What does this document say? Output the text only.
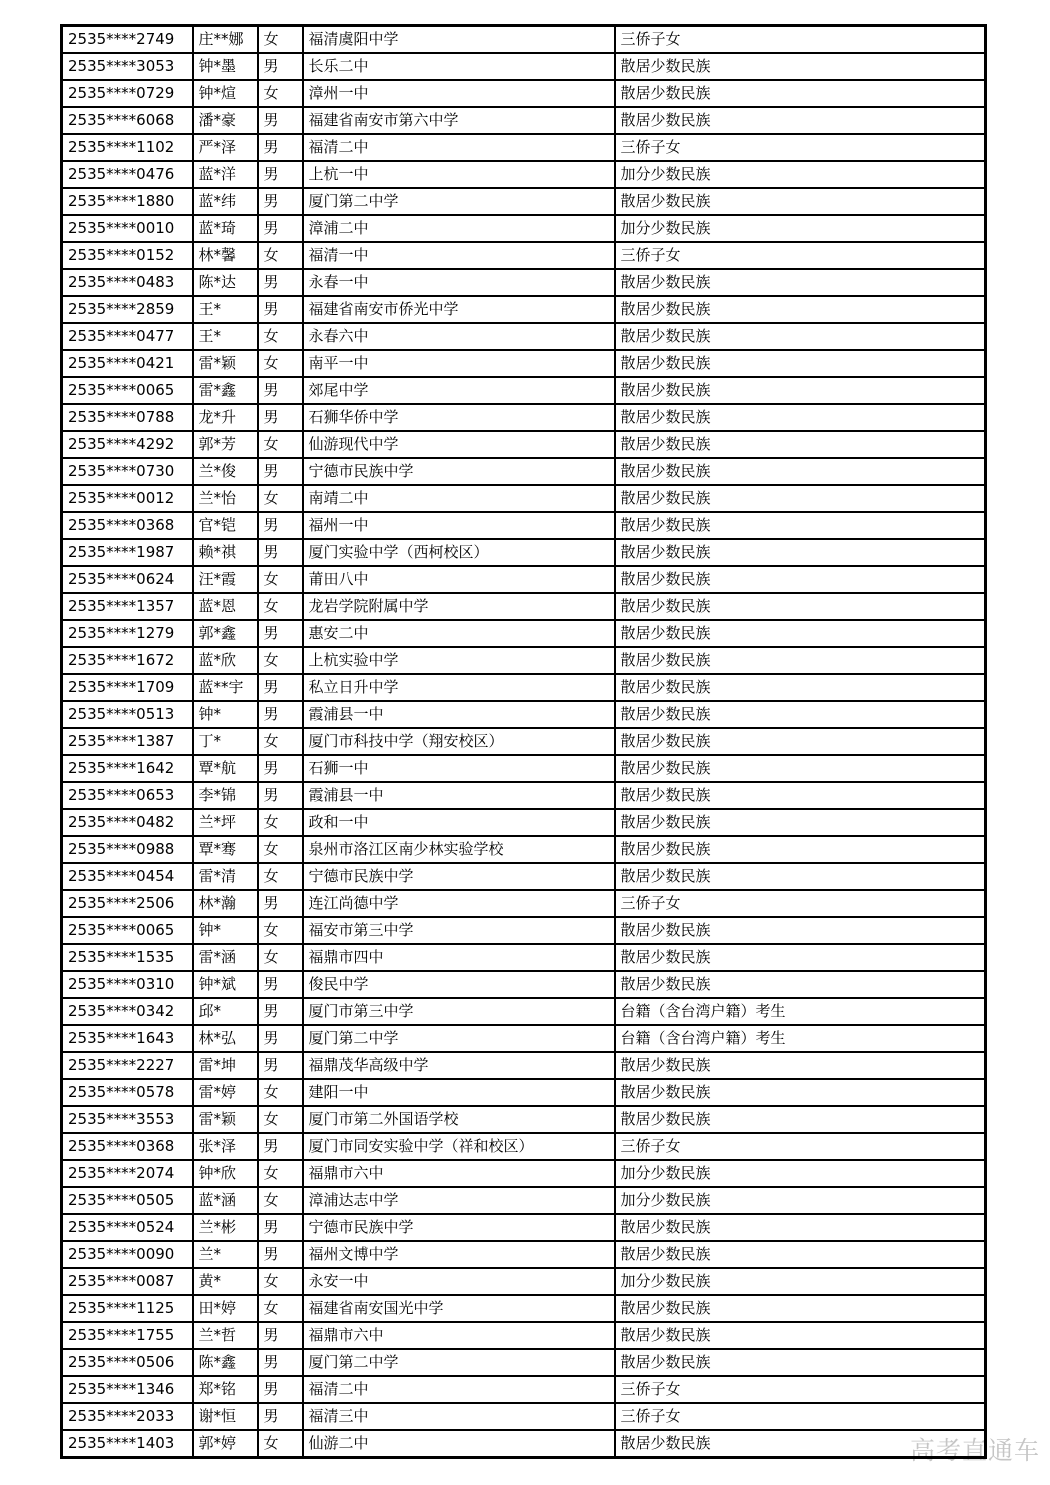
2535****2749	庄**娜	女	福清虞阳中学	三侨子女
2535****3053	钟*墨	男	长乐二中	散居少数民族
2535****0729	钟*煊	女	漳州一中	散居少数民族
2535****6068	潘*豪	男	福建省南安市第六中学	散居少数民族
2535****1102	严*泽	男	福清二中	三侨子女
2535****0476	蓝*洋	男	上杭一中	加分少数民族
2535****1880	蓝*纬	男	厦门第二中学	散居少数民族
2535****0010	蓝*琦	男	漳浦二中	加分少数民族
2535****0152	林*馨	女	福清一中	三侨子女
2535****0483	陈*达	男	永春一中	散居少数民族
2535****2859	王*	男	福建省南安市侨光中学	散居少数民族
2535****0477	王*	女	永春六中	散居少数民族
2535****0421	雷*颖	女	南平一中	散居少数民族
2535****0065	雷*鑫	男	郊尾中学	散居少数民族
2535****0788	龙*升	男	石狮华侨中学	散居少数民族
2535****4292	郭*芳	女	仙游现代中学	散居少数民族
2535****0730	兰*俊	男	宁德市民族中学	散居少数民族
2535****0012	兰*怡	女	南靖二中	散居少数民族
2535****0368	官*铠	男	福州一中	散居少数民族
2535****1987	赖*祺	男	厦门实验中学（西柯校区）	散居少数民族
2535****0624	汪*霞	女	莆田八中	散居少数民族
2535****1357	蓝*恩	女	龙岩学院附属中学	散居少数民族
2535****1279	郭*鑫	男	惠安二中	散居少数民族
2535****1672	蓝*欣	女	上杭实验中学	散居少数民族
2535****1709	蓝**宇	男	私立日升中学	散居少数民族
2535****0513	钟*	男	霞浦县一中	散居少数民族
2535****1387	丁*	女	厦门市科技中学（翔安校区）	散居少数民族
2535****1642	覃*航	男	石狮一中	散居少数民族
2535****0653	李*锦	男	霞浦县一中	散居少数民族
2535****0482	兰*坪	女	政和一中	散居少数民族
2535****0988	覃*骞	女	泉州市洛江区南少林实验学校	散居少数民族
2535****0454	雷*清	女	宁德市民族中学	散居少数民族
2535****2506	林*瀚	男	连江尚德中学	三侨子女
2535****0065	钟*	女	福安市第三中学	散居少数民族
2535****1535	雷*涵	女	福鼎市四中	散居少数民族
2535****0310	钟*斌	男	俊民中学	散居少数民族
2535****0342	邱*	男	厦门市第三中学	台籍（含台湾户籍）考生
2535****1643	林*弘	男	厦门第二中学	台籍（含台湾户籍）考生
2535****2227	雷*坤	男	福鼎茂华高级中学	散居少数民族
2535****0578	雷*婷	女	建阳一中	散居少数民族
2535****3553	雷*颖	女	厦门市第二外国语学校	散居少数民族
2535****0368	张*泽	男	厦门市同安实验中学（祥和校区）	三侨子女
2535****2074	钟*欣	女	福鼎市六中	加分少数民族
2535****0505	蓝*涵	女	漳浦达志中学	加分少数民族
2535****0524	兰*彬	男	宁德市民族中学	散居少数民族
2535****0090	兰*	男	福州文博中学	散居少数民族
2535****0087	黄*	女	永安一中	加分少数民族
2535****1125	田*婷	女	福建省南安国光中学	散居少数民族
2535****1755	兰*哲	男	福鼎市六中	散居少数民族
2535****0506	陈*鑫	男	厦门第二中学	散居少数民族
2535****1346	郑*铭	男	福清二中	三侨子女
2535****2033	谢*恒	男	福清三中	三侨子女
2535****1403	郭*婷	女	仙游二中	散居少数民族	高考直通车
